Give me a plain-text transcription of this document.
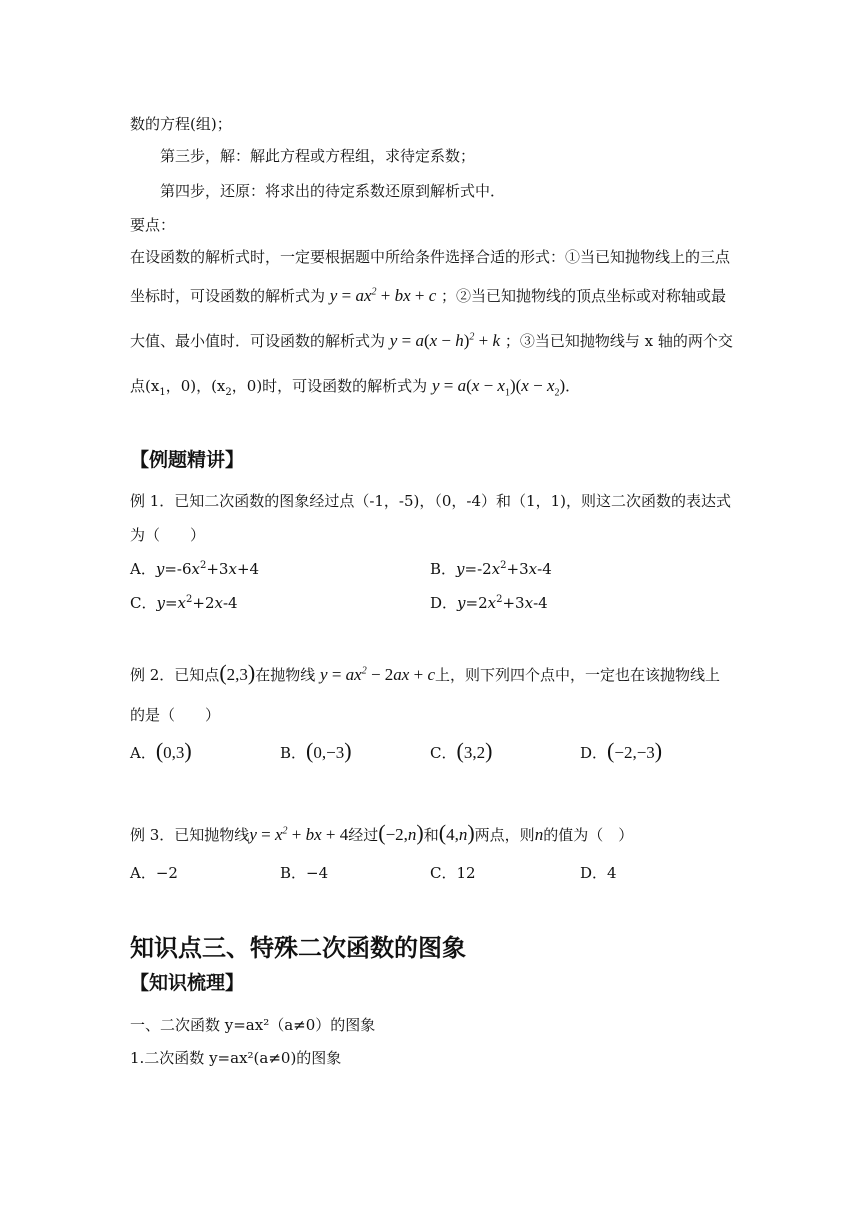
数的方程(组)；
第三步，解：解此方程或方程组，求待定系数；
第四步，还原：将求出的待定系数还原到解析式中．
要点：
在设函数的解析式时，一定要根据题中所给条件选择合适的形式：①当已知抛物线上的三点
坐标时，可设函数的解析式为 $y = ax^2$ + bx + c ；②当已知抛物线的顶点坐标或对称轴或最
大值、最小值时．可设函数的解析式为 $y = a(x - h)^2 + k$ ；③当已知抛物线与 x 轴的两个交
点($x_1$，0)，($x_2$，0)时，可设函数的解析式为 $y = a(x - x_1)(x - x_2)$．
【例题精讲】
例 1．已知二次函数的图象经过点（-1，-5)，（0，-4）和（1，1)，则这二次函数的表达式
为（　　）
A．$y=-6x^2+3x+4$	B．$y=-2x^2+3x-4$
C．$y=x^2+2x-4$	D．$y=2x^2+3x-4$
例 2．已知点(2,3)在抛物线 $y = ax^2 - 2ax + c$上，则下列四个点中，一定也在该抛物线上
的是（　　）
A．(0,3)	B．(0,−3)	C．(3,2)	D．(−2,−3)
例 3．已知抛物线$y = x^2$ + bx + 4经过(−2,n)和(4,n)两点，则n的值为（　）
A．−2	B．−4	C．12	D．4
知识点三、特殊二次函数的图象
【知识梳理】
一、二次函数 y=ax²（a≠0）的图象
1.二次函数 y=ax²(a≠0)的图象
